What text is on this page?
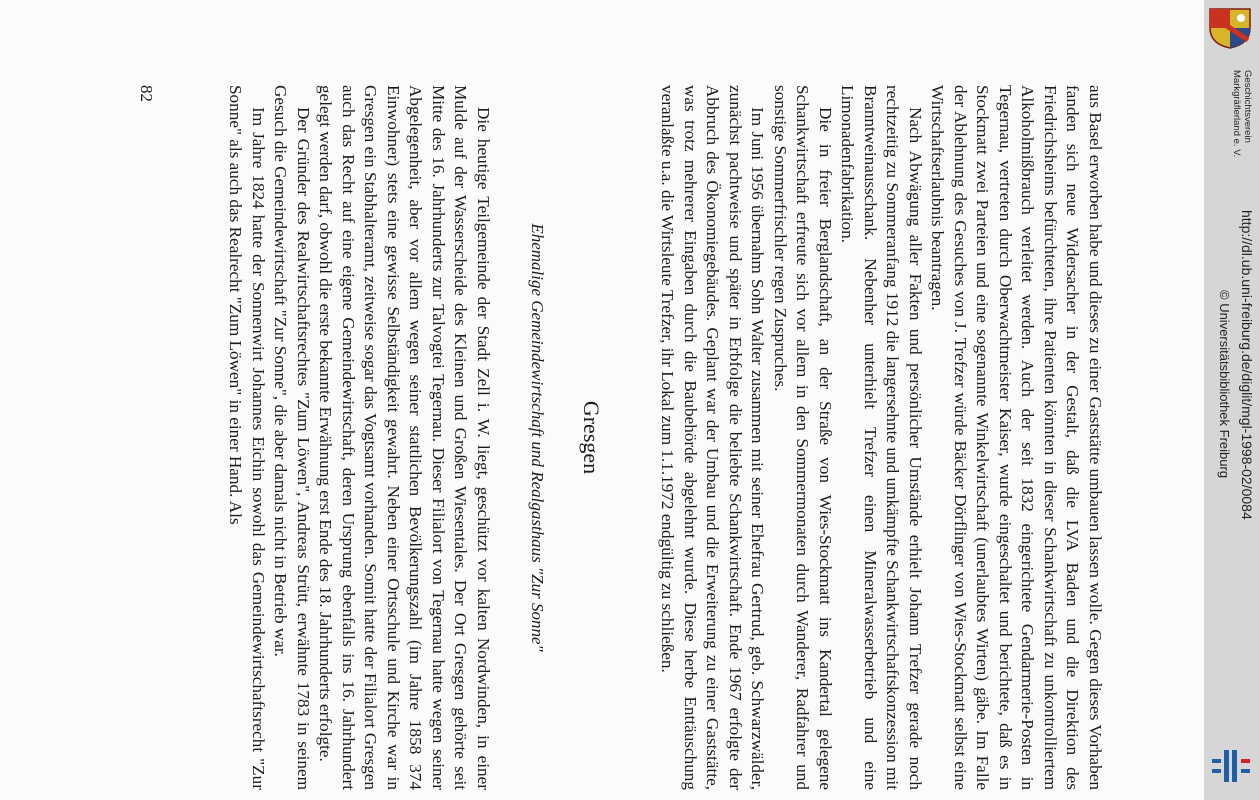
aus Basel erworben habe und dieses zu einer Gaststätte umbauen lassen wolle. Gegen dieses Vorhaben fanden sich neue Widersacher in der Gestalt, daß die LVA Baden und die Direktion des Friedrichsheims befürchteten, ihre Patienten könnten in dieser Schankwirtschaft zu unkontrolliertem Alkoholmißbrauch verleitet werden. Auch der seit 1832 eingerichtete Gendarmerie-Posten in Tegernau, vertreten durch Oberwachtmeister Kaiser, wurde eingeschaltet und berichtete, daß es in Stockmatt zwei Parteien und eine sogenannte Winkelwirtschaft (unerlaubtes Wirten) gäbe. Im Falle der Ablehnung des Gesuches von J. Trefzer würde Bäcker Dörflinger von Wies-Stockmatt selbst eine Wirtschaftserlaubnis beantragen.

Nach Abwägung aller Fakten und persönlicher Umstände erhielt Johann Trefzer gerade noch rechtzeitig zu Sommeranfang 1912 die langersehnte und umkämpfte Schankwirtschaftskonzession mit Branntweinausschank. Nebenher unterhielt Trefzer einen Mineralwasserbetrieb und eine Limonadenfabrikation.

Die in freier Berglandschaft, an der Straße von Wies-Stockmatt ins Kandertal gelegene Schankwirtschaft erfreute sich vor allem in den Sommermonaten durch Wanderer, Radfahrer und sonstige Sommerfrischler regen Zuspruches.

Im Juni 1956 übernahm Sohn Walter zusammen mit seiner Ehefrau Gertrud, geb. Schwarzwälder, zunächst pachtweise und später in Erbfolge die beliebte Schankwirtschaft. Ende 1967 erfolgte der Abbruch des Ökonomiegebäudes. Geplant war der Umbau und die Erweiterung zu einer Gaststätte, was trotz mehrerer Eingaben durch die Baubehörde abgelehnt wurde. Diese herbe Enttäuschung veranlaßte u.a. die Wirtsleute Trefzer, ihr Lokal zum 1.1.1972 endgültig zu schließen.

Gresgen

Ehemalige Gemeindewirtschaft und Realgasthaus "Zur Sonne"

Die heutige Teilgemeinde der Stadt Zell i. W. liegt, geschützt vor kalten Nordwinden, in einer Mulde auf der Wasserscheide des Kleinen und Großen Wiesentales. Der Ort Gresgen gehörte seit Mitte des 16. Jahrhunderts zur Talvogtei Tegernau. Dieser Filialort von Tegernau hatte wegen seiner Abgelegenheit, aber vor allem wegen seiner stattlichen Bevölkerungszahl (im Jahre 1858 374 Einwohner) stets eine gewisse Selbständigkeit gewahrt. Neben einer Ortsschule und Kirche war in Gresgen ein Stabhalteramt, zeitweise sogar das Vogtsamt vorhanden. Somit hatte der Filialort Gresgen auch das Recht auf eine eigene Gemeindewirtschaft, deren Ursprung ebenfalls ins 16. Jahrhundert gelegt werden darf, obwohl die erste bekannte Erwähnung erst Ende des 18. Jahrhunderts erfolgte.

Der Gründer des Realwirtschaftsrechtes "Zum Löwen", Andreas Strütt, erwähnte 1783 in seinem Gesuch die Gemeindewirtschaft "Zur Sonne", die aber damals nicht in Betrieb war.

Im Jahre 1824 hatte der Sonnenwirt Johannes Eichin sowohl das Gemeindewirtschaftsrecht "Zur Sonne" als auch das Realrecht "Zum Löwen" in einer Hand. Als

82	Geschichtsverein
Markgräflerland e. V.
http://dl.ub.uni-freiburg.de/diglit/mgl-1998-02/0084
© Universitätsbibliothek Freiburg
